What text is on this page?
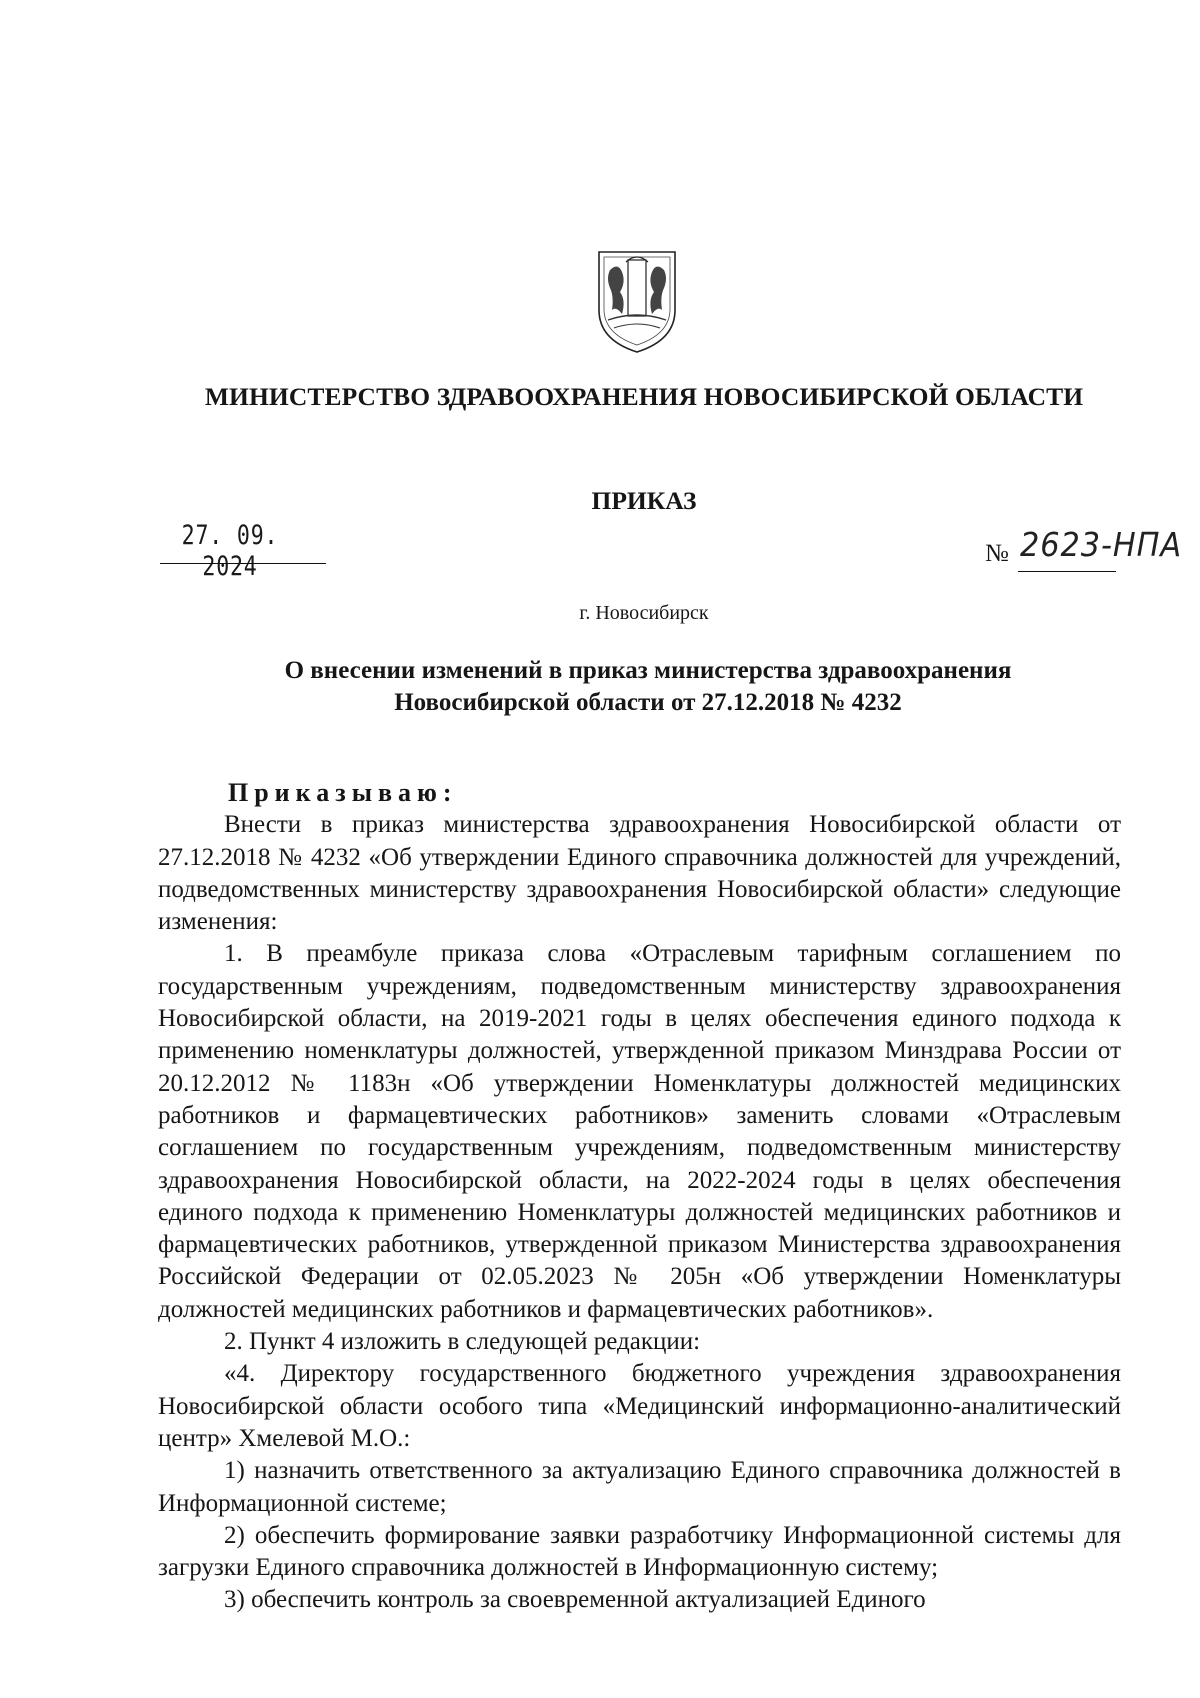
МИНИСТЕРСТВО ЗДРАВООХРАНЕНИЯ НОВОСИБИРСКОЙ ОБЛАСТИ
ПРИКАЗ
27. 09. 2024	№ 2623-НПА
г. Новосибирск
О внесении изменений в приказ министерства здравоохранения
Новосибирской области от 27.12.2018 № 4232

Приказываю:

Внести в приказ министерства здравоохранения Новосибирской области от 27.12.2018 № 4232 «Об утверждении Единого справочника должностей для учреждений, подведомственных министерству здравоохранения Новосибирской области» следующие изменения:

1. В преамбуле приказа слова «Отраслевым тарифным соглашением по государственным учреждениям, подведомственным министерству здравоохранения Новосибирской области, на 2019-2021 годы в целях обеспечения единого подхода к применению номенклатуры должностей, утвержденной приказом Минздрава России от 20.12.2012 № 1183н «Об утверждении Номенклатуры должностей медицинских работников и фармацевтических работников» заменить словами «Отраслевым соглашением по государственным учреждениям, подведомственным министерству здравоохранения Новосибирской области, на 2022-2024 годы в целях обеспечения единого подхода к применению Номенклатуры должностей медицинских работников и фармацевтических работников, утвержденной приказом Министерства здравоохранения Российской Федерации от 02.05.2023 № 205н «Об утверждении Номенклатуры должностей медицинских работников и фармацевтических работников».

2. Пункт 4 изложить в следующей редакции:

«4. Директору государственного бюджетного учреждения здравоохранения Новосибирской области особого типа «Медицинский информационно-аналитический центр» Хмелевой М.О.:

1) назначить ответственного за актуализацию Единого справочника должностей в Информационной системе;

2) обеспечить формирование заявки разработчику Информационной системы для загрузки Единого справочника должностей в Информационную систему;

3) обеспечить контроль за своевременной актуализацией Единого
